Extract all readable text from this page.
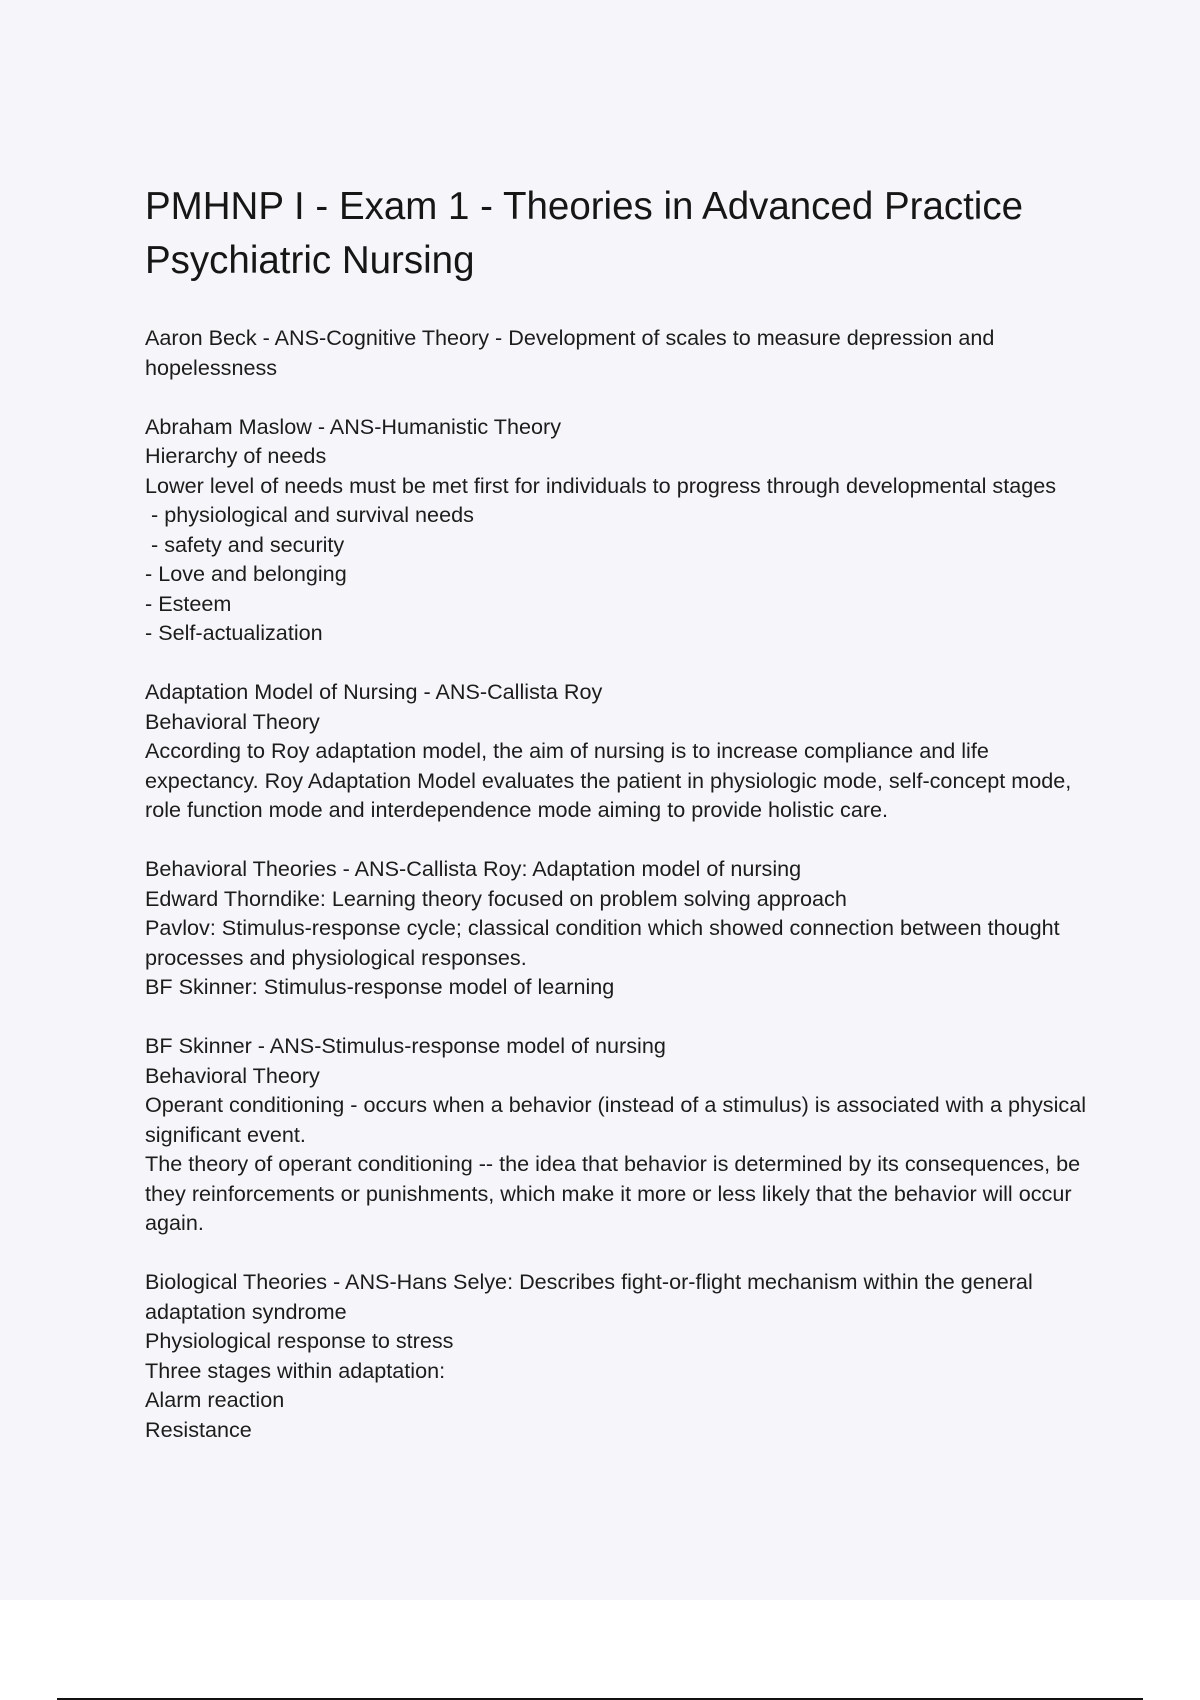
PMHNP I - Exam 1 - Theories in Advanced Practice Psychiatric Nursing

Aaron Beck - ANS-Cognitive Theory - Development of scales to measure depression and hopelessness

Abraham Maslow - ANS-Humanistic Theory

Hierarchy of needs

Lower level of needs must be met first for individuals to progress through developmental stages

- physiological and survival needs

- safety and security

- Love and belonging

- Esteem

- Self-actualization

Adaptation Model of Nursing - ANS-Callista Roy

Behavioral Theory

According to Roy adaptation model, the aim of nursing is to increase compliance and life expectancy. Roy Adaptation Model evaluates the patient in physiologic mode, self-concept mode, role function mode and interdependence mode aiming to provide holistic care.

Behavioral Theories - ANS-Callista Roy: Adaptation model of nursing

Edward Thorndike: Learning theory focused on problem solving approach

Pavlov: Stimulus-response cycle; classical condition which showed connection between thought processes and physiological responses.

BF Skinner: Stimulus-response model of learning

BF Skinner - ANS-Stimulus-response model of nursing

Behavioral Theory

Operant conditioning - occurs when a behavior (instead of a stimulus) is associated with a physical significant event.

The theory of operant conditioning -- the idea that behavior is determined by its consequences, be they reinforcements or punishments, which make it more or less likely that the behavior will occur again.

Biological Theories - ANS-Hans Selye: Describes fight-or-flight mechanism within the general adaptation syndrome

Physiological response to stress

Three stages within adaptation:

Alarm reaction

Resistance
